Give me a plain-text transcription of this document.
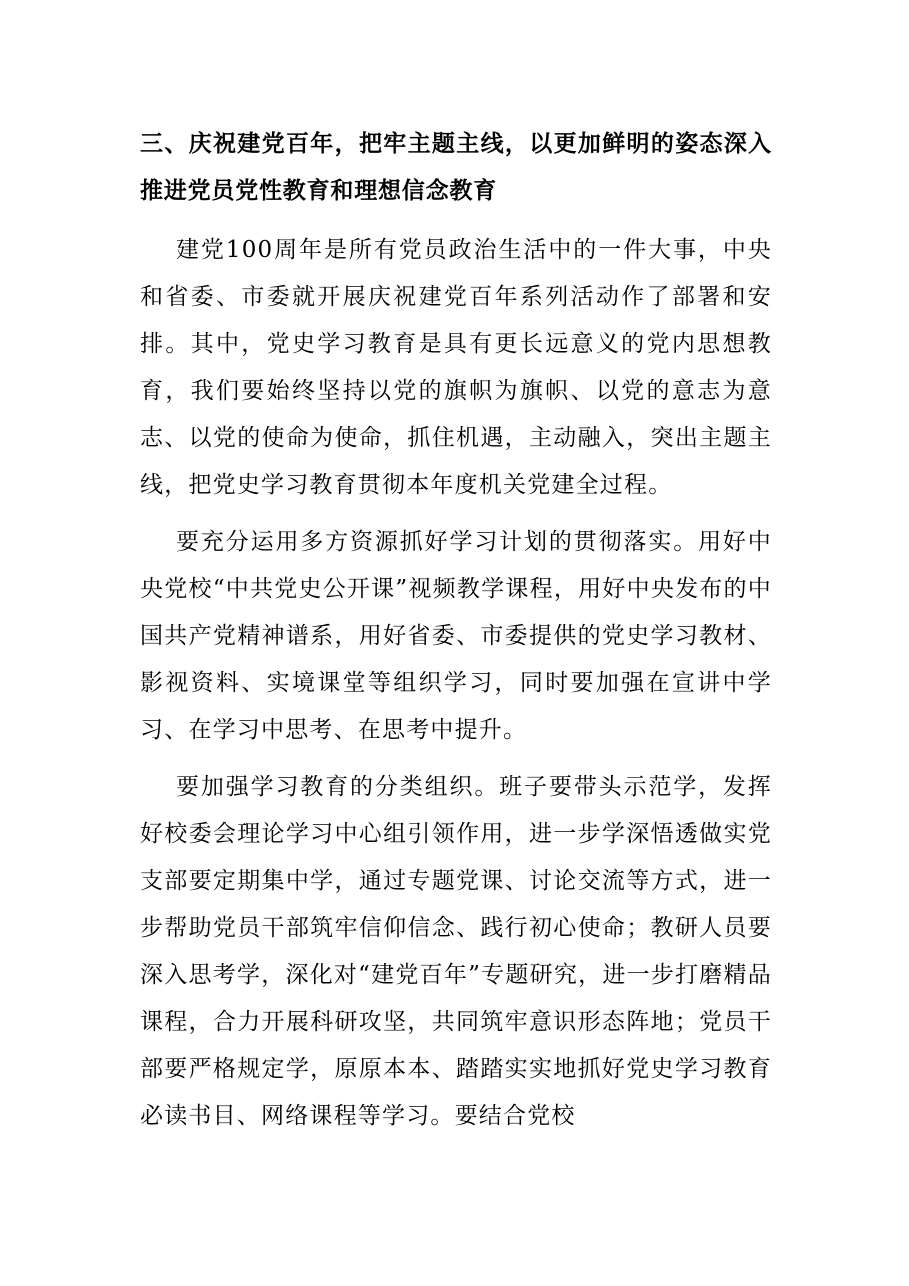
三、庆祝建党百年，把牢主题主线，以更加鲜明的姿态深入推进党员党性教育和理想信念教育

建党100周年是所有党员政治生活中的一件大事，中央和省委、市委就开展庆祝建党百年系列活动作了部署和安排。其中，党史学习教育是具有更长远意义的党内思想教育，我们要始终坚持以党的旗帜为旗帜、以党的意志为意志、以党的使命为使命，抓住机遇，主动融入，突出主题主线，把党史学习教育贯彻本年度机关党建全过程。

要充分运用多方资源抓好学习计划的贯彻落实。用好中央党校“中共党史公开课”视频教学课程，用好中央发布的中国共产党精神谱系，用好省委、市委提供的党史学习教材、影视资料、实境课堂等组织学习，同时要加强在宣讲中学习、在学习中思考、在思考中提升。

要加强学习教育的分类组织。班子要带头示范学，发挥好校委会理论学习中心组引领作用，进一步学深悟透做实党支部要定期集中学，通过专题党课、讨论交流等方式，进一步帮助党员干部筑牢信仰信念、践行初心使命；教研人员要深入思考学，深化对“建党百年”专题研究，进一步打磨精品课程，合力开展科研攻坚，共同筑牢意识形态阵地；党员干部要严格规定学，原原本本、踏踏实实地抓好党史学习教育必读书目、网络课程等学习。要结合党校
